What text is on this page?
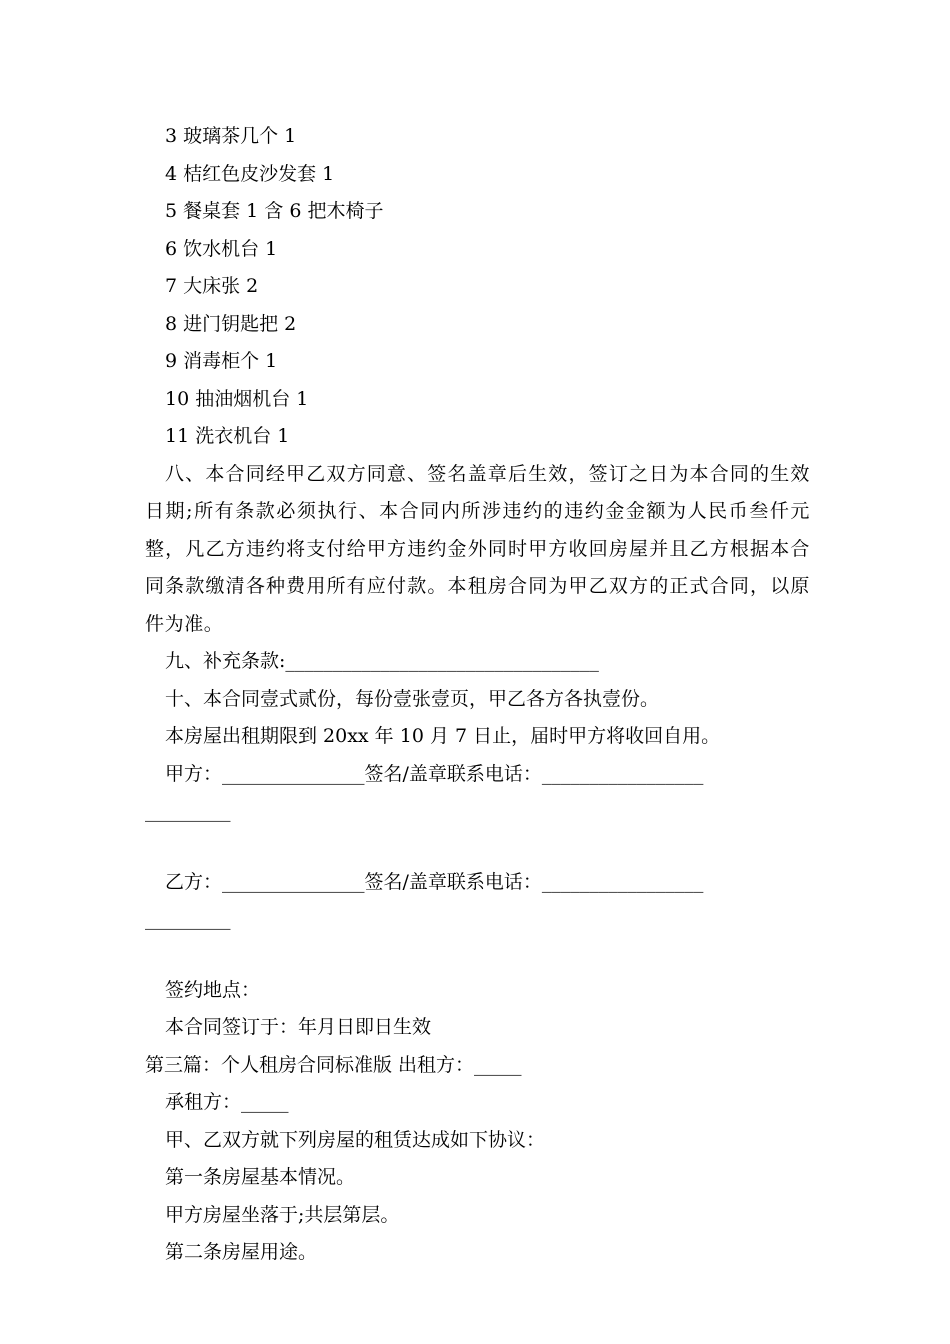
3 玻璃茶几个 1
4 桔红色皮沙发套 1
5 餐桌套 1 含 6 把木椅子
6 饮水机台 1
7 大床张 2
8 进门钥匙把 2
9 消毒柜个 1
10 抽油烟机台 1
11 洗衣机台 1
八、本合同经甲乙双方同意、签名盖章后生效，签订之日为本合同的生效日期;所有条款必须执行、本合同内所涉违约的违约金金额为人民币叁仟元整，凡乙方违约将支付给甲方违约金外同时甲方收回房屋并且乙方根据本合同条款缴清各种费用所有应付款。本租房合同为甲乙双方的正式合同，以原件为准。
九、补充条款:_________________________________
十、本合同壹式贰份，每份壹张壹页，甲乙各方各执壹份。
本房屋出租期限到 20xx 年 10 月 7 日止，届时甲方将收回自用。
甲方：_______________签名/盖章联系电话：_________________
_________
乙方：_______________签名/盖章联系电话：_________________
_________
签约地点：
本合同签订于：年月日即日生效
第三篇：个人租房合同标准版 出租方：_____
承租方：_____
甲、乙双方就下列房屋的租赁达成如下协议：
第一条房屋基本情况。
甲方房屋坐落于;共层第层。
第二条房屋用途。
